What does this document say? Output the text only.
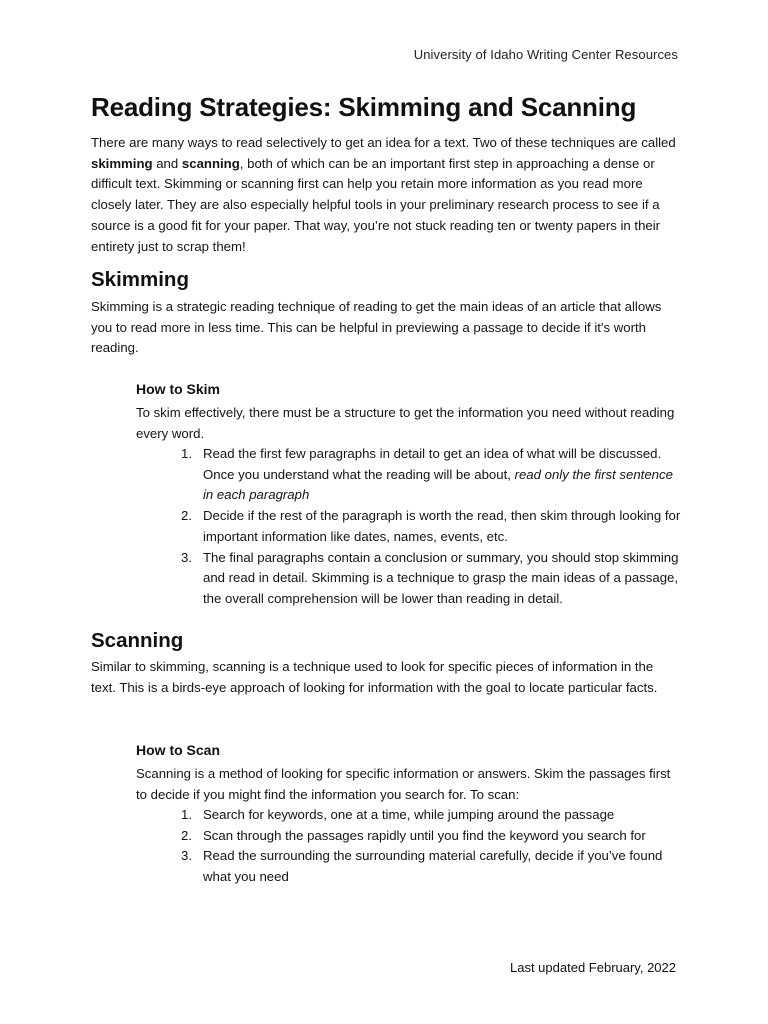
University of Idaho Writing Center Resources
Reading Strategies: Skimming and Scanning

There are many ways to read selectively to get an idea for a text. Two of these techniques are called skimming and scanning, both of which can be an important first step in approaching a dense or difficult text. Skimming or scanning first can help you retain more information as you read more closely later. They are also especially helpful tools in your preliminary research process to see if a source is a good fit for your paper. That way, you’re not stuck reading ten or twenty papers in their entirety just to scrap them!

Skimming

Skimming is a strategic reading technique of reading to get the main ideas of an article that allows you to read more in less time. This can be helpful in previewing a passage to decide if it's worth reading.

How to Skim

To skim effectively, there must be a structure to get the information you need without reading every word.

1. Read the first few paragraphs in detail to get an idea of what will be discussed. Once you understand what the reading will be about, read only the first sentence in each paragraph
2. Decide if the rest of the paragraph is worth the read, then skim through looking for important information like dates, names, events, etc.
3. The final paragraphs contain a conclusion or summary, you should stop skimming and read in detail. Skimming is a technique to grasp the main ideas of a passage, the overall comprehension will be lower than reading in detail.
Scanning

Similar to skimming, scanning is a technique used to look for specific pieces of information in the text. This is a birds-eye approach of looking for information with the goal to locate particular facts.

How to Scan

Scanning is a method of looking for specific information or answers. Skim the passages first to decide if you might find the information you search for. To scan:

1. Search for keywords, one at a time, while jumping around the passage
2. Scan through the passages rapidly until you find the keyword you search for
3. Read the surrounding the surrounding material carefully, decide if you’ve found what you need
Last updated February, 2022
